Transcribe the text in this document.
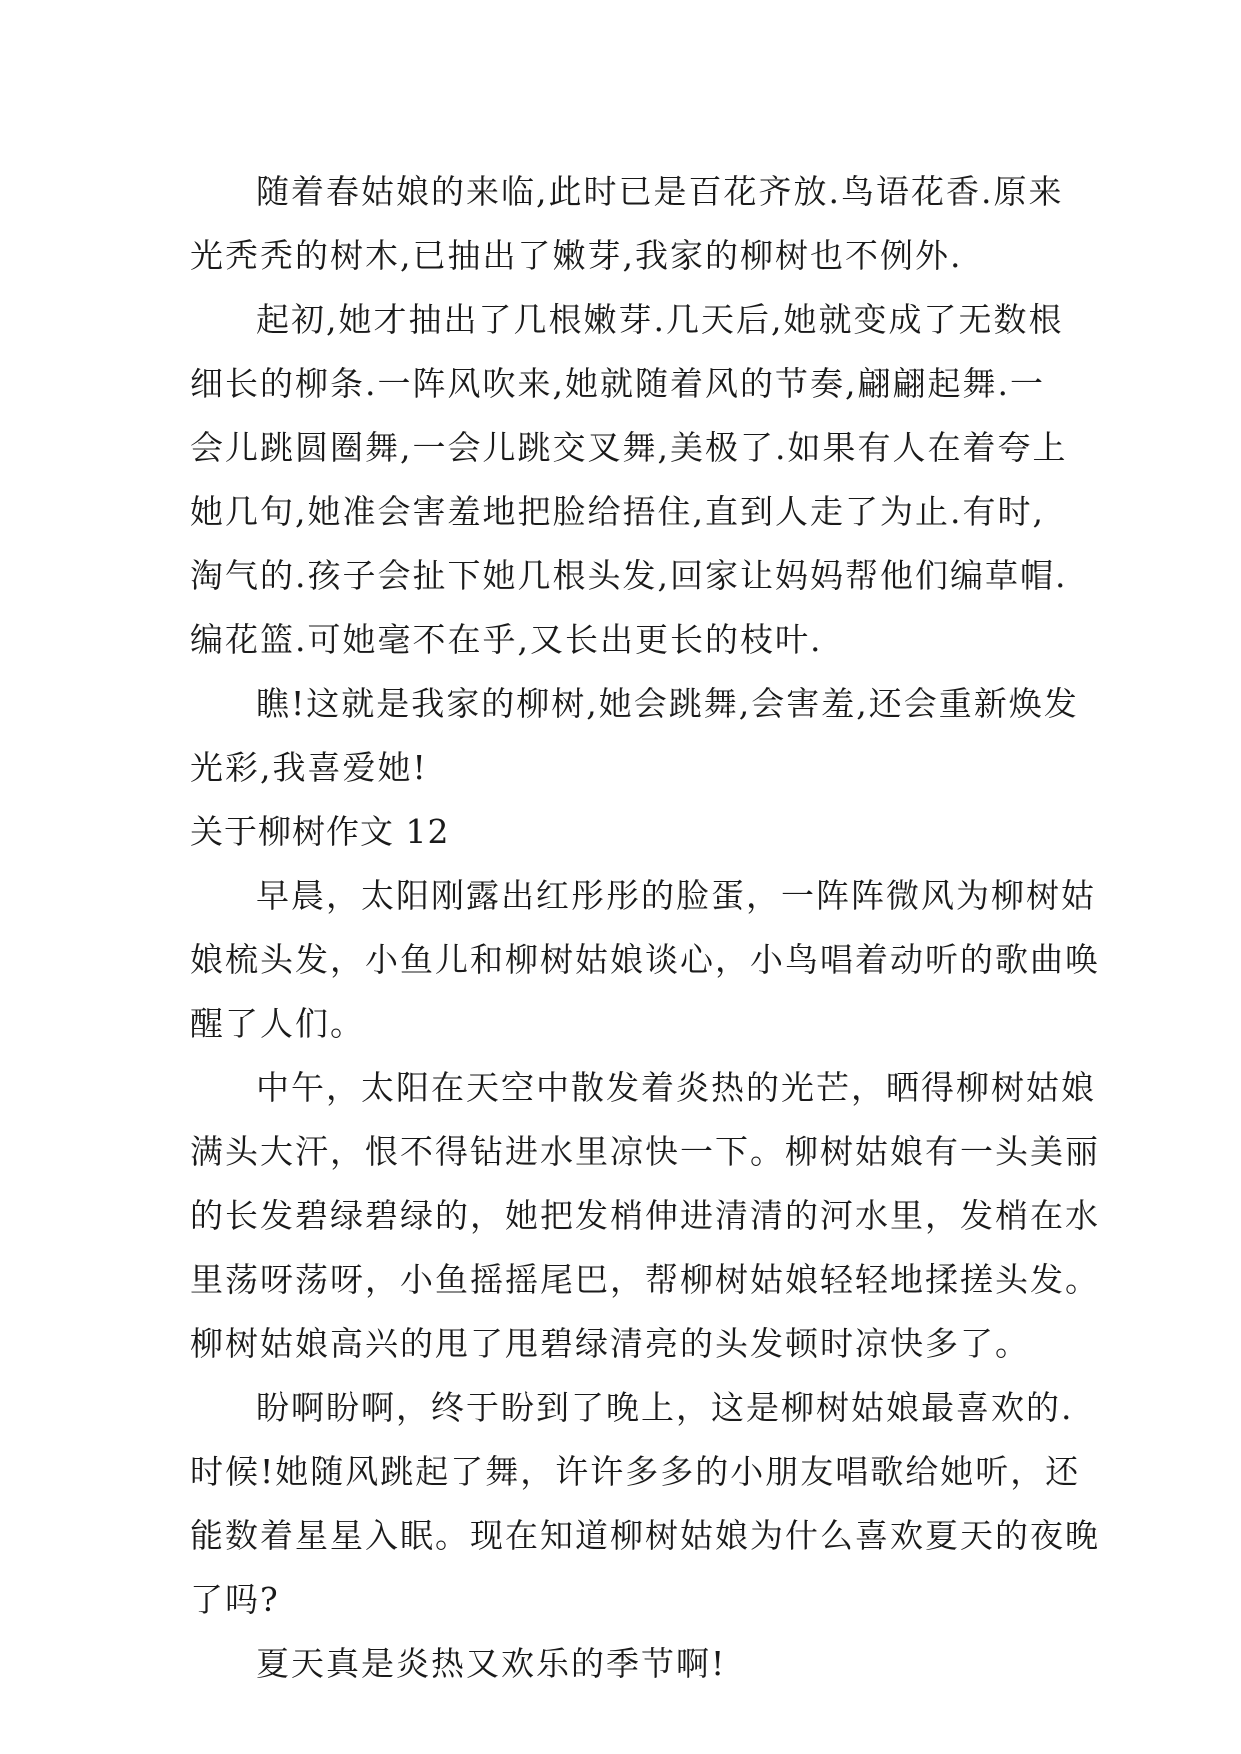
随着春姑娘的来临,此时已是百花齐放.鸟语花香.原来
光秃秃的树木,已抽出了嫩芽,我家的柳树也不例外.
起初,她才抽出了几根嫩芽.几天后,她就变成了无数根
细长的柳条.一阵风吹来,她就随着风的节奏,翩翩起舞.一
会儿跳圆圈舞,一会儿跳交叉舞,美极了.如果有人在着夸上
她几句,她准会害羞地把脸给捂住,直到人走了为止.有时,
淘气的.孩子会扯下她几根头发,回家让妈妈帮他们编草帽.
编花篮.可她毫不在乎,又长出更长的枝叶.
瞧!这就是我家的柳树,她会跳舞,会害羞,还会重新焕发
光彩,我喜爱她!
关于柳树作文 12
早晨，太阳刚露出红彤彤的脸蛋，一阵阵微风为柳树姑
娘梳头发，小鱼儿和柳树姑娘谈心，小鸟唱着动听的歌曲唤
醒了人们。
中午，太阳在天空中散发着炎热的光芒，晒得柳树姑娘
满头大汗，恨不得钻进水里凉快一下。柳树姑娘有一头美丽
的长发碧绿碧绿的，她把发梢伸进清清的河水里，发梢在水
里荡呀荡呀，小鱼摇摇尾巴，帮柳树姑娘轻轻地揉搓头发。
柳树姑娘高兴的甩了甩碧绿清亮的头发顿时凉快多了。
盼啊盼啊，终于盼到了晚上，这是柳树姑娘最喜欢的.
时候!她随风跳起了舞，许许多多的小朋友唱歌给她听，还
能数着星星入眠。现在知道柳树姑娘为什么喜欢夏天的夜晚
了吗?
夏天真是炎热又欢乐的季节啊!
